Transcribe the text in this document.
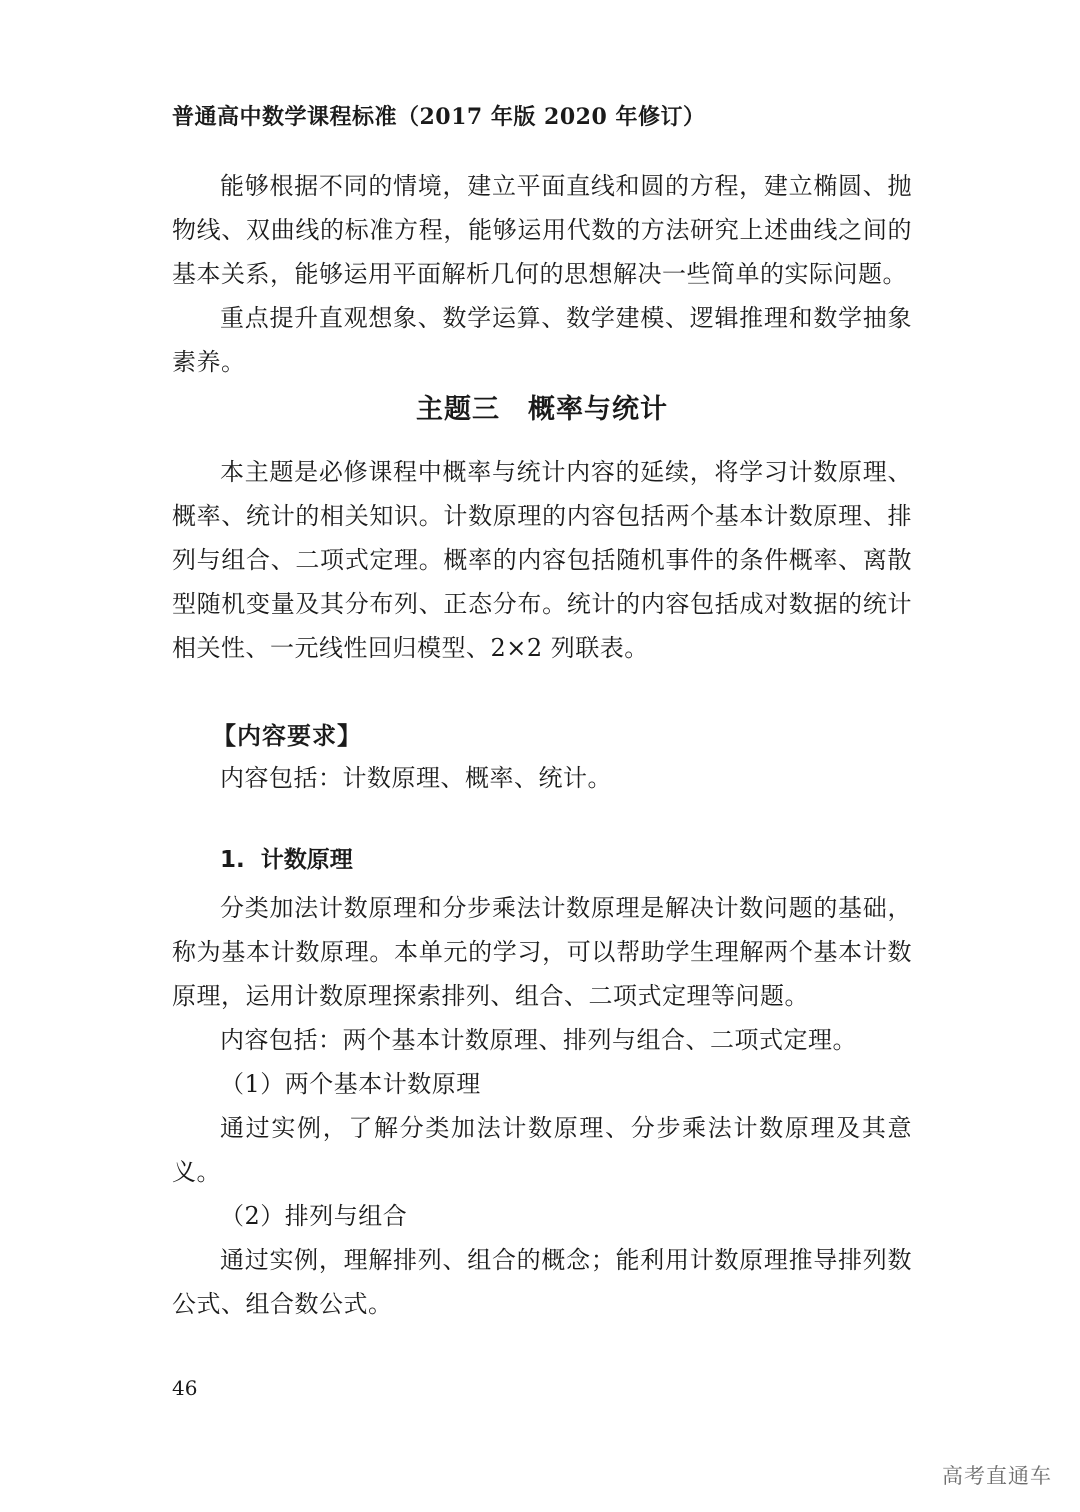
普通高中数学课程标准（2017 年版 2020 年修订）

能够根据不同的情境，建立平面直线和圆的方程，建立椭圆、抛物线、双曲线的标准方程，能够运用代数的方法研究上述曲线之间的基本关系，能够运用平面解析几何的思想解决一些简单的实际问题。

重点提升直观想象、数学运算、数学建模、逻辑推理和数学抽象素养。

主题三　概率与统计

本主题是必修课程中概率与统计内容的延续，将学习计数原理、概率、统计的相关知识。计数原理的内容包括两个基本计数原理、排列与组合、二项式定理。概率的内容包括随机事件的条件概率、离散型随机变量及其分布列、正态分布。统计的内容包括成对数据的统计相关性、一元线性回归模型、2×2 列联表。

【内容要求】

内容包括：计数原理、概率、统计。

1.  计数原理

分类加法计数原理和分步乘法计数原理是解决计数问题的基础，称为基本计数原理。本单元的学习，可以帮助学生理解两个基本计数原理，运用计数原理探索排列、组合、二项式定理等问题。

内容包括：两个基本计数原理、排列与组合、二项式定理。

（1）两个基本计数原理

通过实例，了解分类加法计数原理、分步乘法计数原理及其意义。

（2）排列与组合

通过实例，理解排列、组合的概念；能利用计数原理推导排列数公式、组合数公式。

46
高考直通车
